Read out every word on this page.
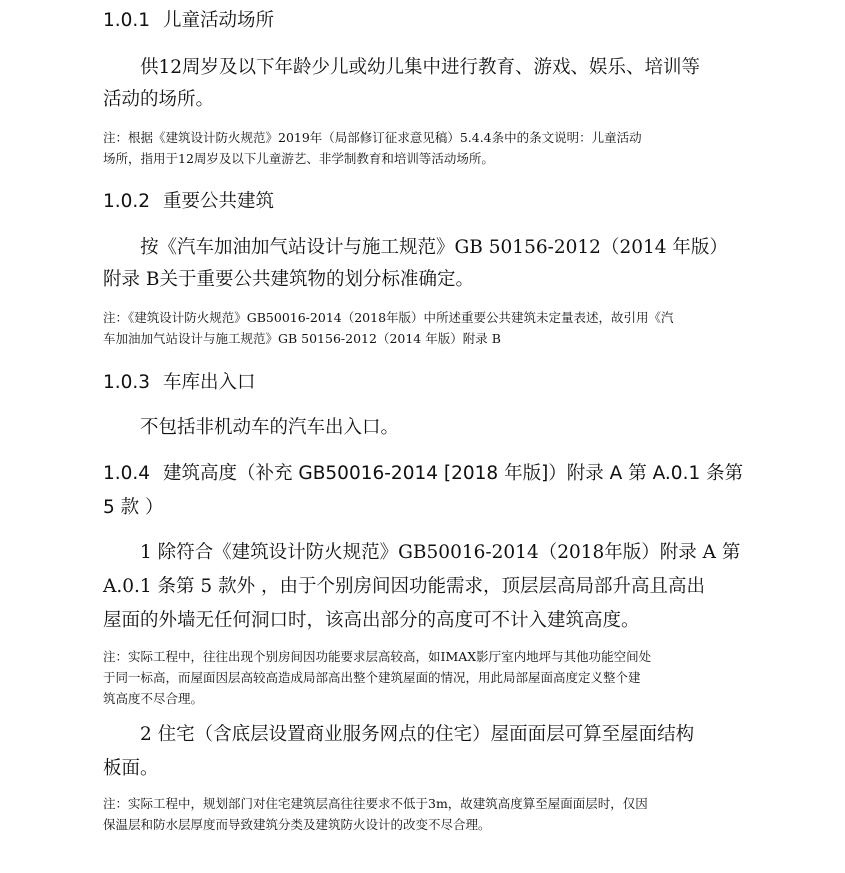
1.0.1 儿童活动场所
供12周岁及以下年龄少儿或幼儿集中进行教育、游戏、娱乐、培训等
活动的场所。
注：根据《建筑设计防火规范》2019年（局部修订征求意见稿）5.4.4条中的条文说明：儿童活动
场所，指用于12周岁及以下儿童游艺、非学制教育和培训等活动场所。
1.0.2 重要公共建筑
按《汽车加油加气站设计与施工规范》GB 50156-2012（2014 年版）
附录 B关于重要公共建筑物的划分标准确定。
注：《建筑设计防火规范》GB50016-2014（2018年版）中所述重要公共建筑未定量表述，故引用《汽
车加油加气站设计与施工规范》GB 50156-2012（2014 年版）附录 B
1.0.3 车库出入口
不包括非机动车的汽车出入口。
1.0.4 建筑高度（补充 GB50016-2014 [2018 年版]）附录 A 第 A.0.1 条第
5 款 ）
1 除符合《建筑设计防火规范》GB50016-2014（2018年版）附录 A 第
A.0.1 条第 5 款外 ，由于个别房间因功能需求，顶层层高局部升高且高出
屋面的外墙无任何洞口时，该高出部分的高度可不计入建筑高度。
注：实际工程中，往往出现个别房间因功能要求层高较高，如IMAX影厅室内地坪与其他功能空间处
于同一标高，而屋面因层高较高造成局部高出整个建筑屋面的情况，用此局部屋面高度定义整个建
筑高度不尽合理。
2 住宅（含底层设置商业服务网点的住宅）屋面面层可算至屋面结构
板面。
注：实际工程中，规划部门对住宅建筑层高往往要求不低于3m，故建筑高度算至屋面面层时，仅因
保温层和防水层厚度而导致建筑分类及建筑防火设计的改变不尽合理。
